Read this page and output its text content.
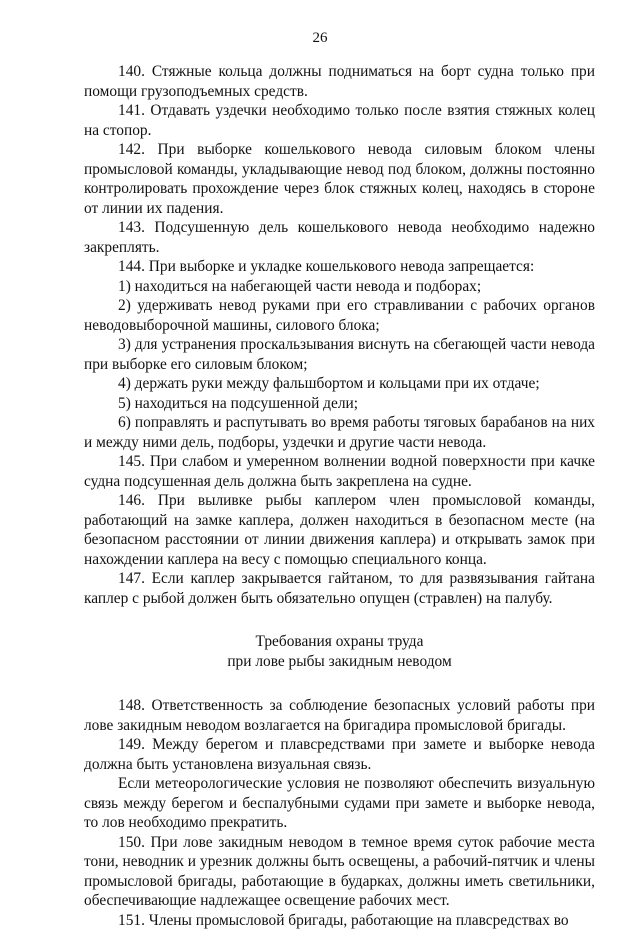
26

140. Стяжные кольца должны подниматься на борт судна только при помощи грузоподъемных средств.

141. Отдавать уздечки необходимо только после взятия стяжных колец на стопор.

142. При выборке кошелькового невода силовым блоком члены промысловой команды, укладывающие невод под блоком, должны постоянно контролировать прохождение через блок стяжных колец, находясь в стороне от линии их падения.

143. Подсушенную дель кошелькового невода необходимо надежно закреплять.

144. При выборке и укладке кошелькового невода запрещается:

1) находиться на набегающей части невода и подборах;

2) удерживать невод руками при его стравливании с рабочих органов неводовыборочной машины, силового блока;

3) для устранения проскальзывания виснуть на сбегающей части невода при выборке его силовым блоком;

4) держать руки между фальшбортом и кольцами при их отдаче;

5) находиться на подсушенной дели;

6) поправлять и распутывать во время работы тяговых барабанов на них и между ними дель, подборы, уздечки и другие части невода.

145. При слабом и умеренном волнении водной поверхности при качке судна подсушенная дель должна быть закреплена на судне.

146. При выливке рыбы каплером член промысловой команды, работающий на замке каплера, должен находиться в безопасном месте (на безопасном расстоянии от линии движения каплера) и открывать замок при нахождении каплера на весу с помощью специального конца.

147. Если каплер закрывается гайтаном, то для развязывания гайтана каплер с рыбой должен быть обязательно опущен (стравлен) на палубу.

Требования охраны труда
при лове рыбы закидным неводом

148. Ответственность за соблюдение безопасных условий работы при лове закидным неводом возлагается на бригадира промысловой бригады.

149. Между берегом и плавсредствами при замете и выборке невода должна быть установлена визуальная связь.

Если метеорологические условия не позволяют обеспечить визуальную связь между берегом и беспалубными судами при замете и выборке невода, то лов необходимо прекратить.

150. При лове закидным неводом в темное время суток рабочие места тони, неводник и урезник должны быть освещены, а рабочий-пятчик и члены промысловой бригады, работающие в бударках, должны иметь светильники, обеспечивающие надлежащее освещение рабочих мест.

151. Члены промысловой бригады, работающие на плавсредствах во
